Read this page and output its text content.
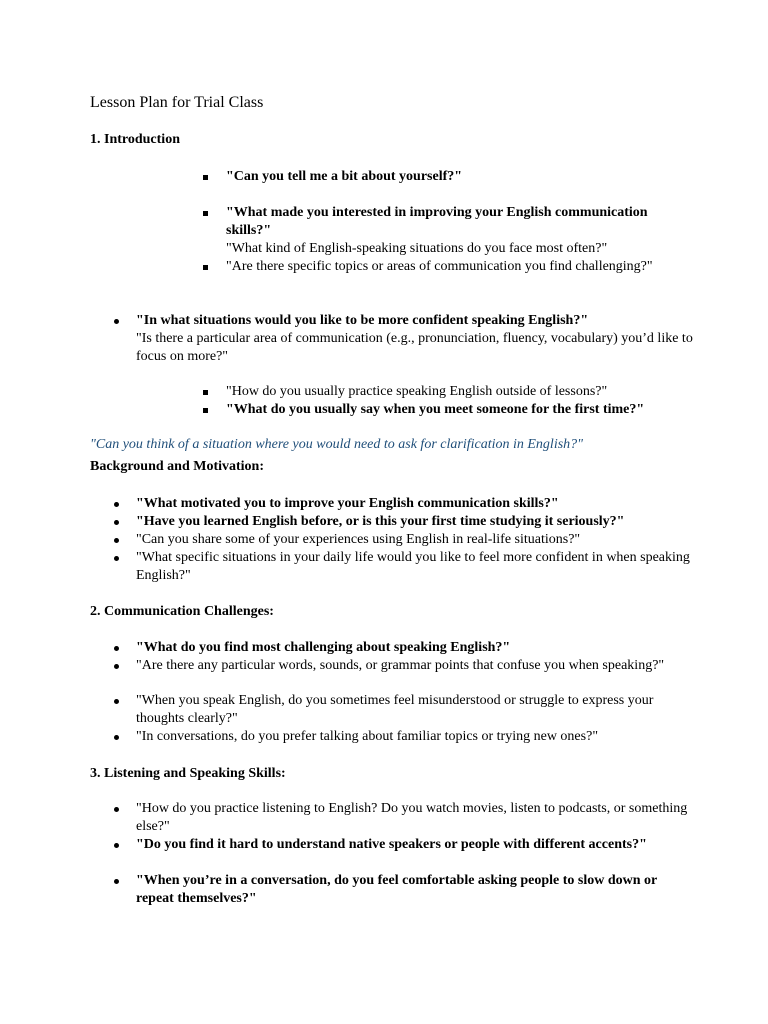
Lesson Plan for Trial Class
1. Introduction
"Can you tell me a bit about yourself?"
"What made you interested in improving your English communication skills?"
"What kind of English-speaking situations do you face most often?"
"Are there specific topics or areas of communication you find challenging?"
"In what situations would you like to be more confident speaking English?"
"Is there a particular area of communication (e.g., pronunciation, fluency, vocabulary) you’d like to focus on more?"
"How do you usually practice speaking English outside of lessons?"
"What do you usually say when you meet someone for the first time?"
"Can you think of a situation where you would need to ask for clarification in English?"
Background and Motivation:
"What motivated you to improve your English communication skills?"
"Have you learned English before, or is this your first time studying it seriously?"
"Can you share some of your experiences using English in real-life situations?"
"What specific situations in your daily life would you like to feel more confident in when speaking English?"
2. Communication Challenges:
"What do you find most challenging about speaking English?"
"Are there any particular words, sounds, or grammar points that confuse you when speaking?"
"When you speak English, do you sometimes feel misunderstood or struggle to express your thoughts clearly?"
"In conversations, do you prefer talking about familiar topics or trying new ones?"
3. Listening and Speaking Skills:
"How do you practice listening to English? Do you watch movies, listen to podcasts, or something else?"
"Do you find it hard to understand native speakers or people with different accents?"
"When you’re in a conversation, do you feel comfortable asking people to slow down or repeat themselves?"
